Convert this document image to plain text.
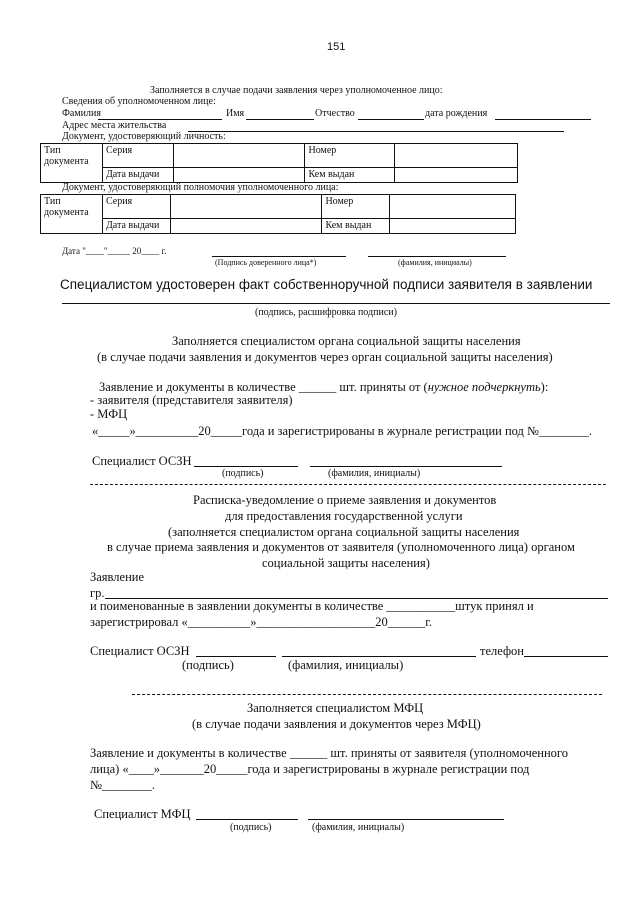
151
Заполняется в случае подачи заявления через уполномоченное лицо:
Сведения об уполномоченном лице:
Фамилия	Имя	Отчество	дата рождения
Адрес места жительства
Документ, удостоверяющий личность:
Тип документа	Серия		Номер	
	Дата выдачи		Кем выдан	
Документ, удостоверяющий полномочия уполномоченного лица:
Тип документа	Серия		Номер	
	Дата выдачи		Кем выдан	
Дата "____"_____ 20____ г.
(Подпись доверенного лица*)	(фамилия, инициалы)
Специалистом удостоверен факт собственноручной подписи заявителя в заявлении
(подпись, расшифровка подписи)
Заполняется специалистом органа социальной защиты населения
(в случае подачи заявления и документов через орган социальной защиты населения)
Заявление и документы в количестве ______ шт. приняты от (нужное подчеркнуть):
- заявителя (представителя заявителя)
- МФЦ
«_____»__________20_____года и зарегистрированы в журнале регистрации под №________.
Специалист ОСЗН
(подпись)	(фамилия, инициалы)
Расписка-уведомление о приеме заявления и документов
для предоставления государственной услуги
(заполняется специалистом органа социальной защиты населения
в случае приема заявления и документов от заявителя (уполномоченного лица) органом
социальной защиты населения)
Заявление
гр.
и поименованные в заявлении документы в количестве ___________штук принял и
зарегистрировал «__________»___________________20______г.
Специалист ОСЗН	телефон
(подпись)	(фамилия, инициалы)
Заполняется специалистом МФЦ
(в случае подачи заявления и документов через МФЦ)
Заявление и документы в количестве ______ шт. приняты от заявителя (уполномоченного
лица) «____»_______20_____года и зарегистрированы в журнале регистрации под
№________.
Специалист МФЦ
(подпись)	(фамилия, инициалы)
